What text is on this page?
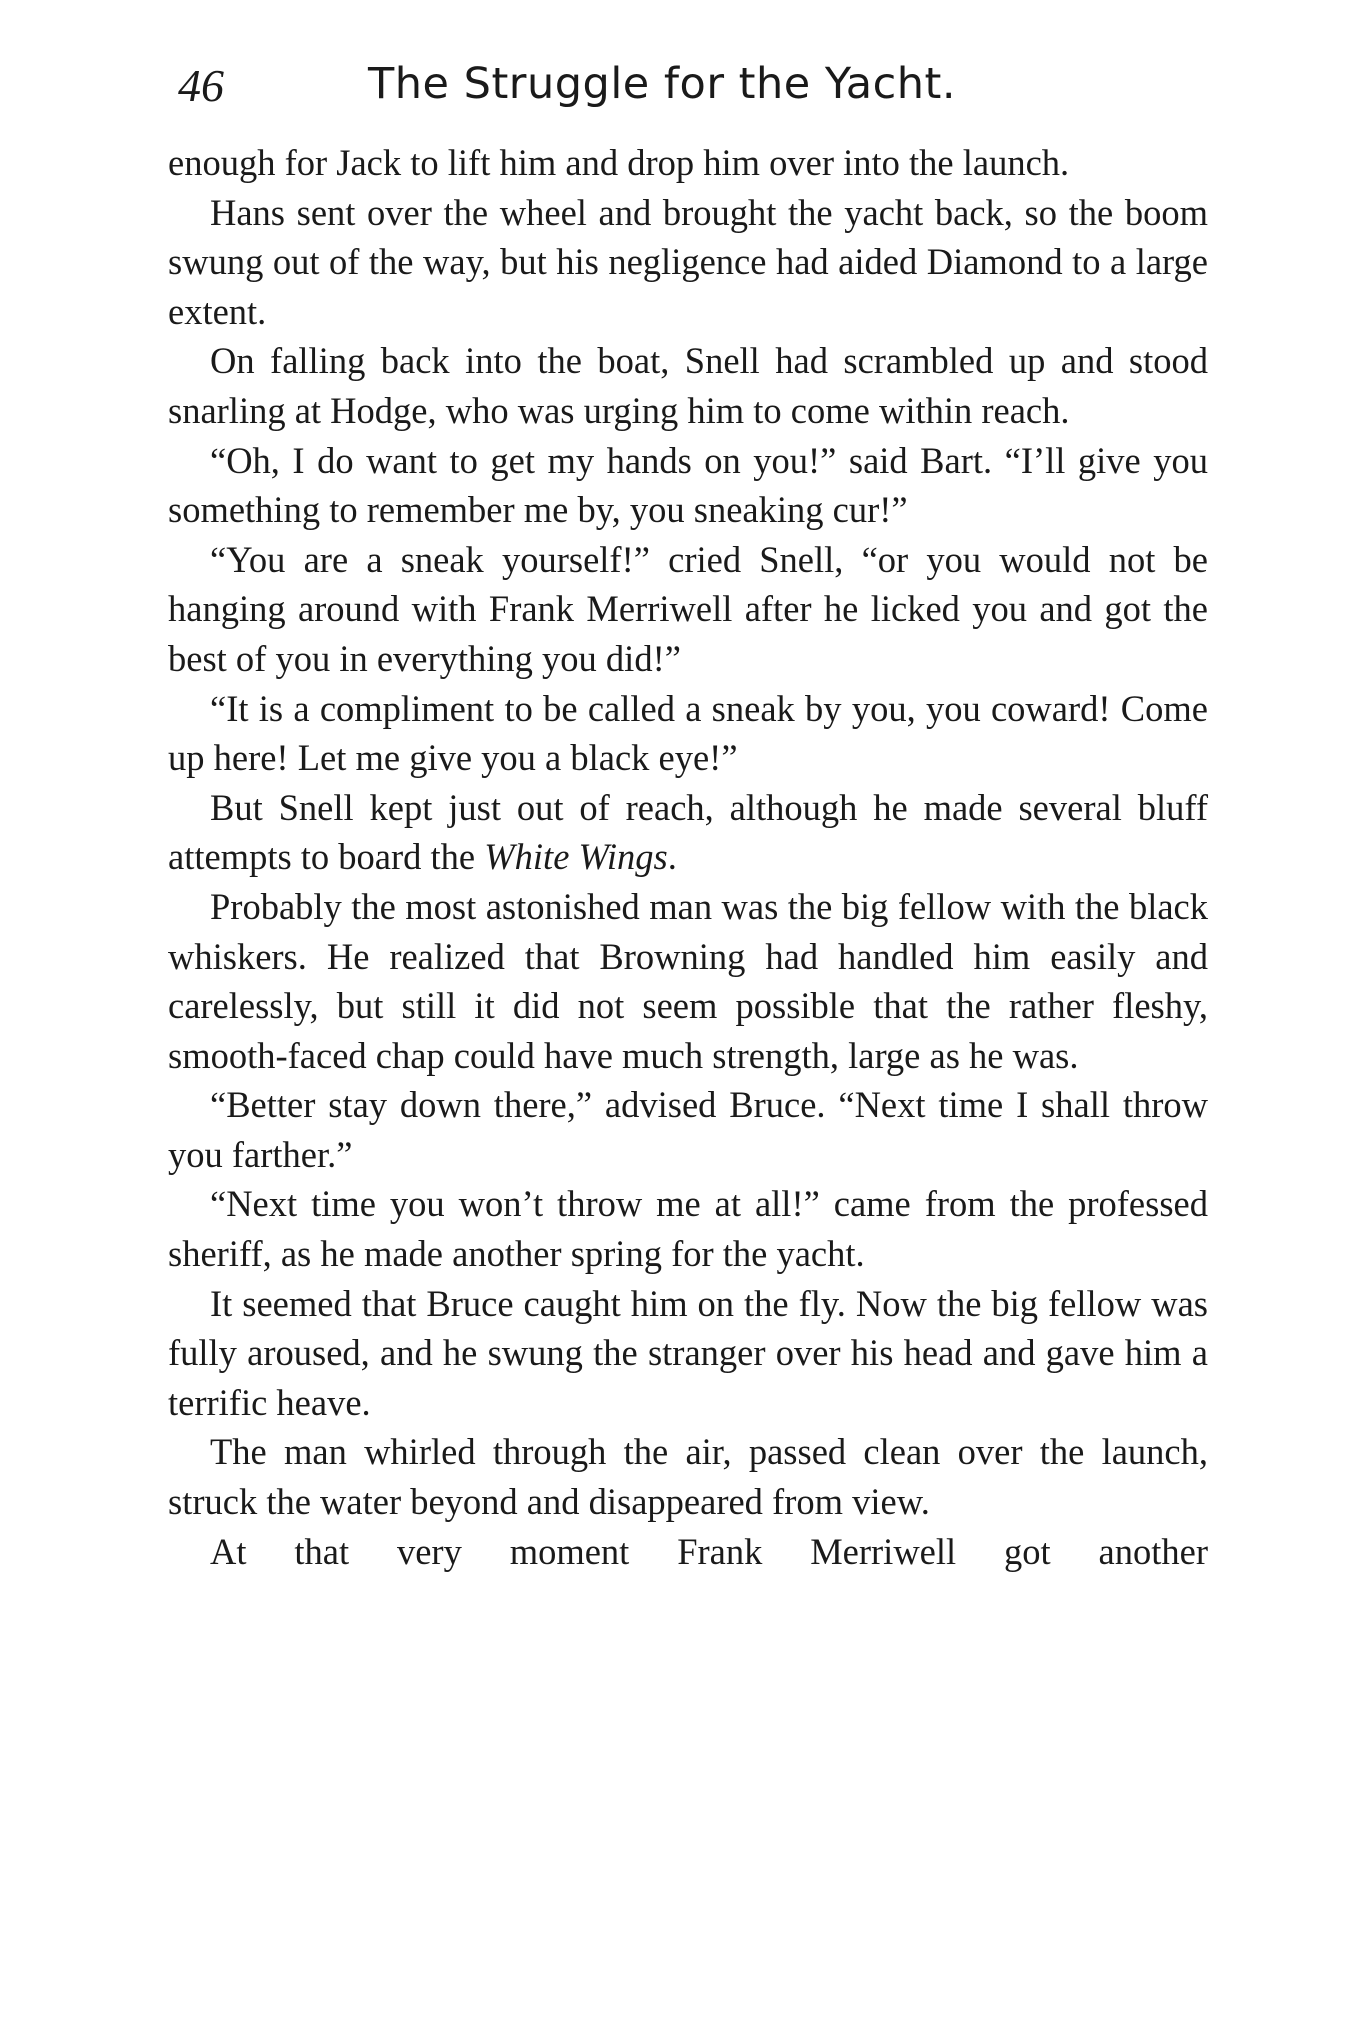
46	The Struggle for the Yacht.

enough for Jack to lift him and drop him over into the launch.

Hans sent over the wheel and brought the yacht back, so the boom swung out of the way, but his negligence had aided Diamond to a large extent.

On falling back into the boat, Snell had scrambled up and stood snarling at Hodge, who was urging him to come within reach.

“Oh, I do want to get my hands on you!” said Bart. “I’ll give you something to remember me by, you sneaking cur!”

“You are a sneak yourself!” cried Snell, “or you would not be hanging around with Frank Merriwell after he licked you and got the best of you in everything you did!”

“It is a compliment to be called a sneak by you, you coward! Come up here! Let me give you a black eye!”

But Snell kept just out of reach, although he made several bluff attempts to board the White Wings.

Probably the most astonished man was the big fellow with the black whiskers. He realized that Browning had handled him easily and carelessly, but still it did not seem possible that the rather fleshy, smooth-faced chap could have much strength, large as he was.

“Better stay down there,” advised Bruce. “Next time I shall throw you farther.”

“Next time you won’t throw me at all!” came from the professed sheriff, as he made another spring for the yacht.

It seemed that Bruce caught him on the fly. Now the big fellow was fully aroused, and he swung the stranger over his head and gave him a terrific heave.

The man whirled through the air, passed clean over the launch, struck the water beyond and disappeared from view.

At that very moment Frank Merriwell got another
